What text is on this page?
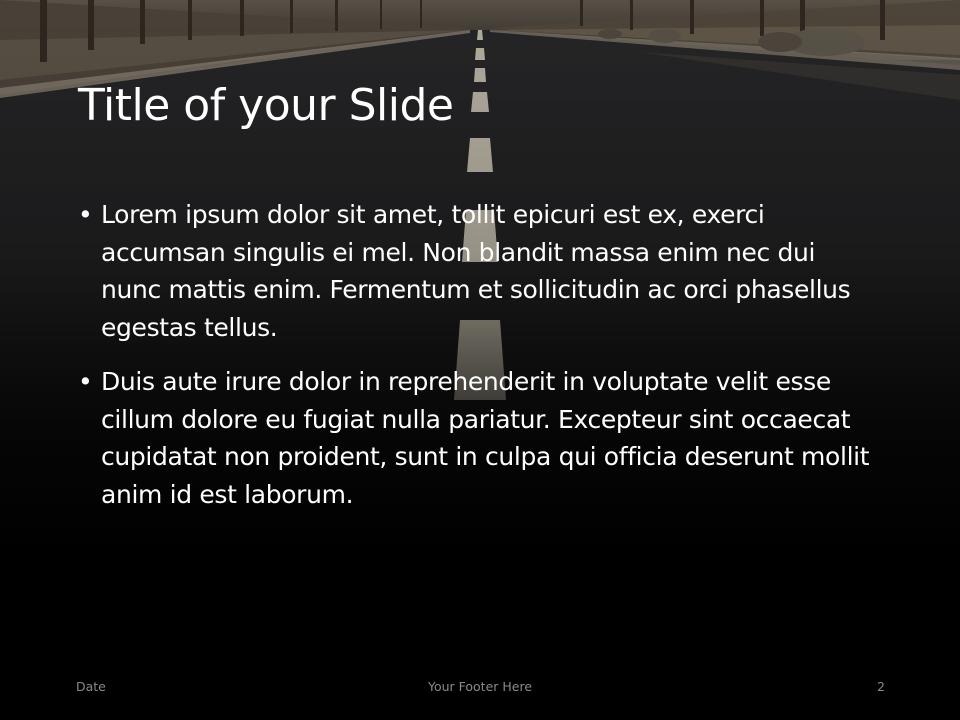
Title of your Slide
• Lorem ipsum dolor sit amet, tollit epicuri est ex, exerci accumsan singulis ei mel. Non blandit massa enim nec dui nunc mattis enim. Fermentum et sollicitudin ac orci phasellus egestas tellus.
• Duis aute irure dolor in reprehenderit in voluptate velit esse cillum dolore eu fugiat nulla pariatur. Excepteur sint occaecat cupidatat non proident, sunt in culpa qui officia deserunt mollit anim id est laborum.
Date	Your Footer Here	2
